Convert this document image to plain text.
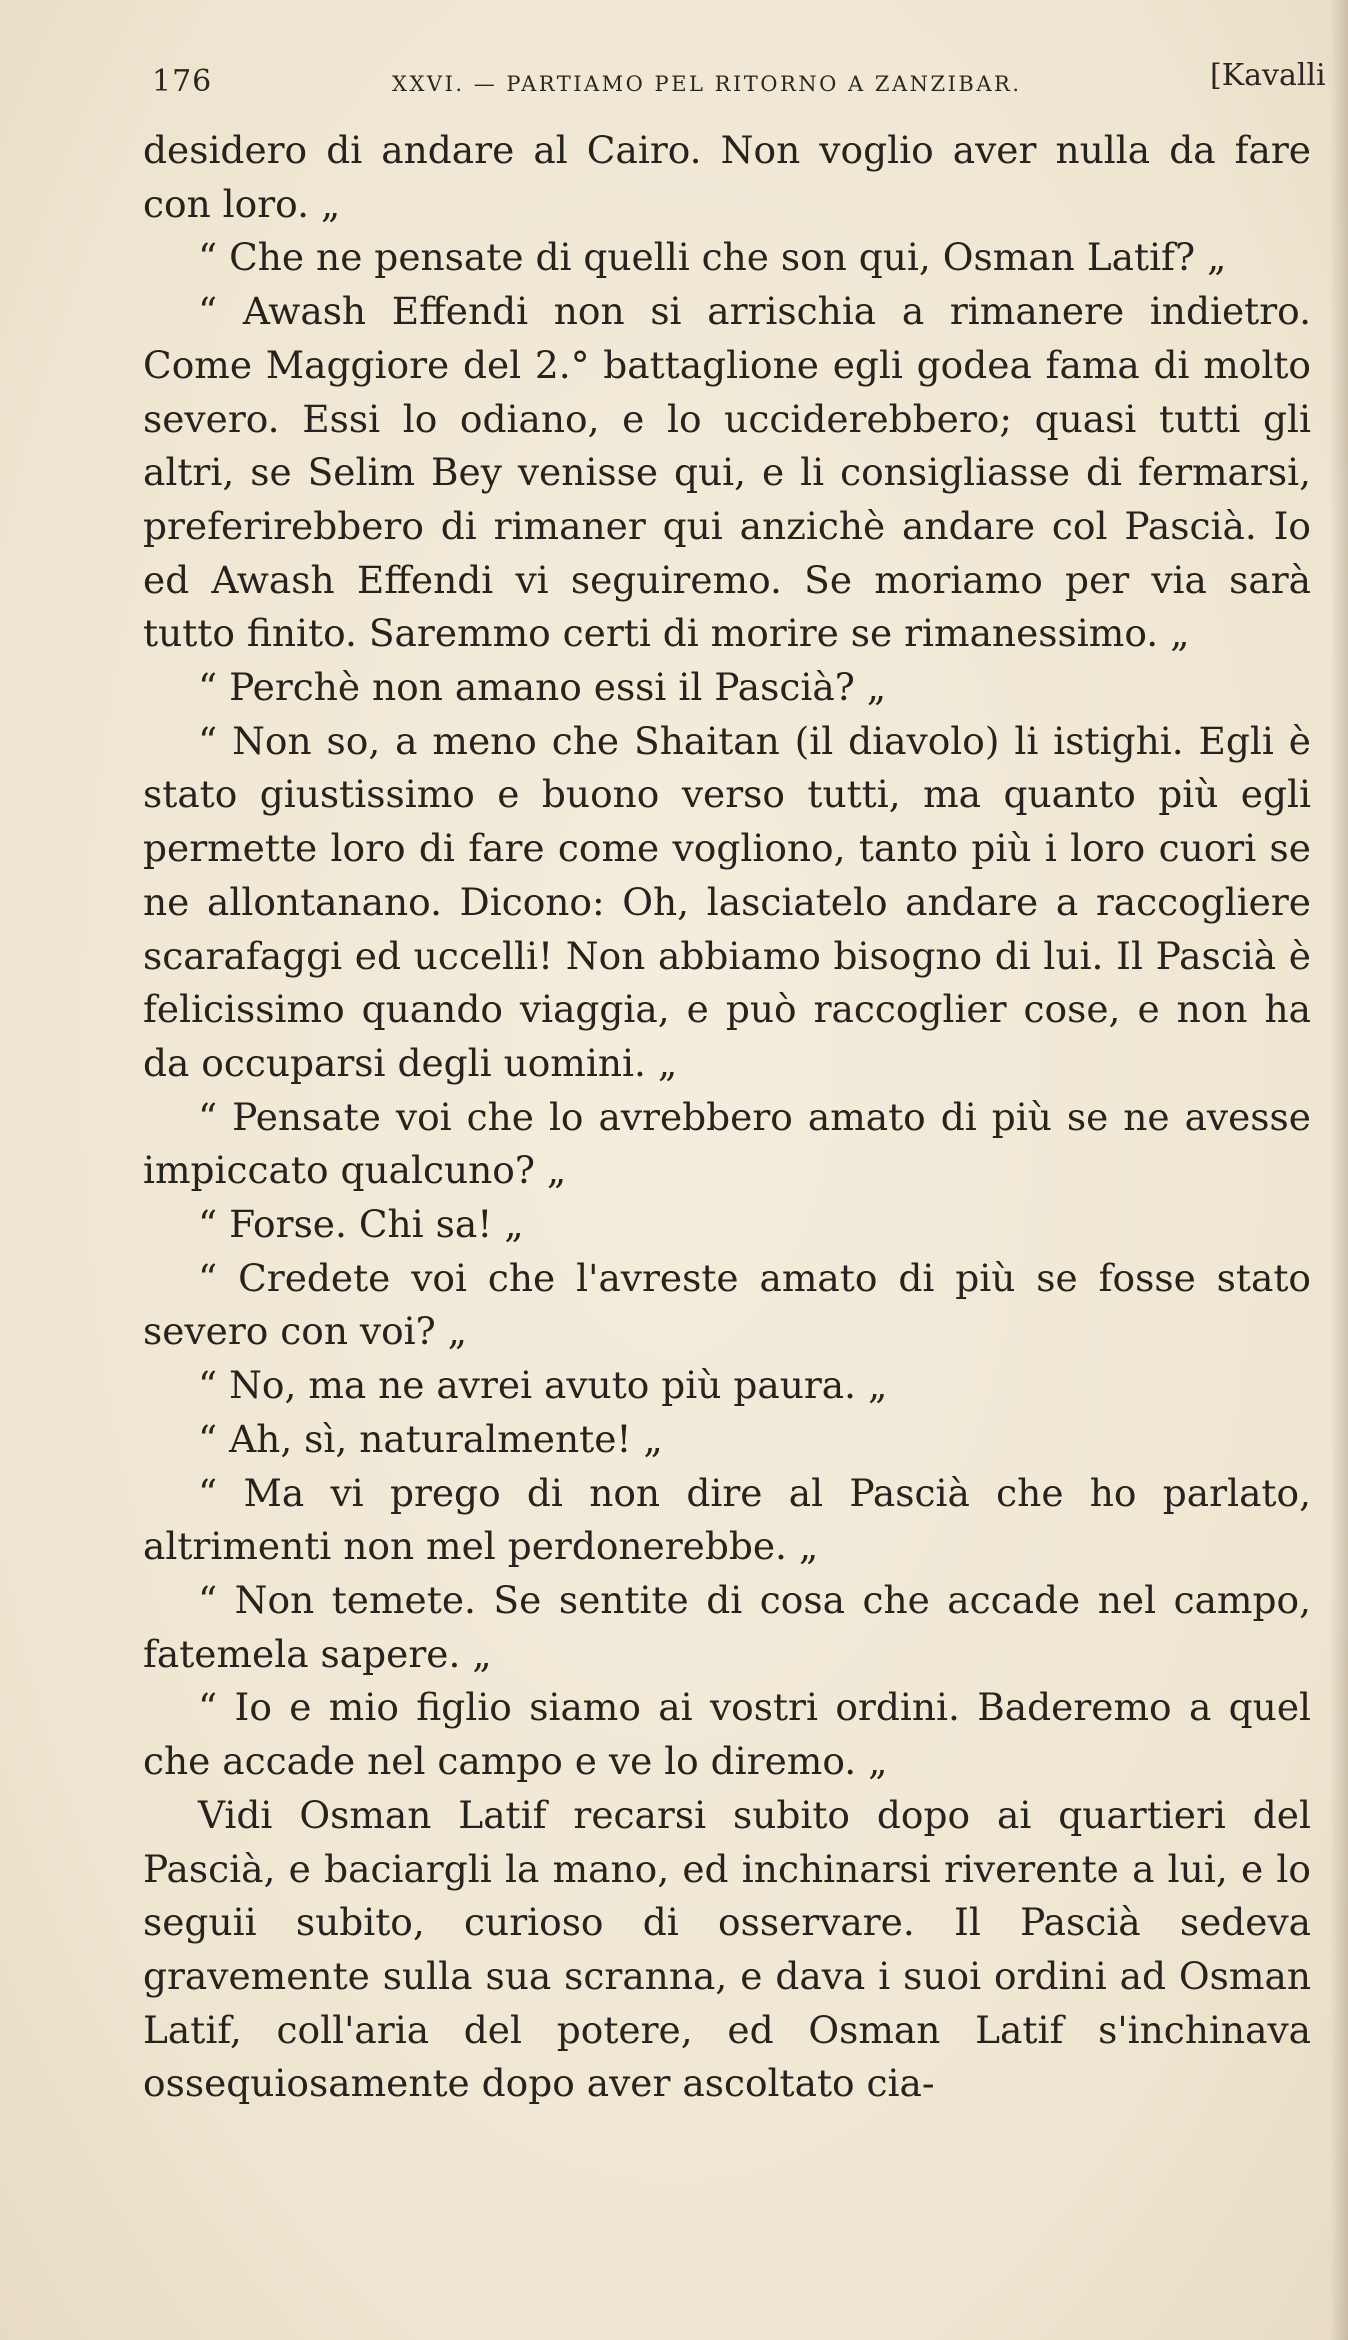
176	XXVI. — PARTIAMO PEL RITORNO A ZANZIBAR.	[Kavalli

desidero di andare al Cairo. Non voglio aver nulla da fare con loro. „

“ Che ne pensate di quelli che son qui, Osman Latif? „

“ Awash Effendi non si arrischia a rimanere indietro. Come Maggiore del 2.° battaglione egli godea fama di molto severo. Essi lo odiano, e lo ucciderebbero; quasi tutti gli altri, se Selim Bey venisse qui, e li consigliasse di fermarsi, preferirebbero di rimaner qui anzichè andare col Pascià. Io ed Awash Effendi vi seguiremo. Se moriamo per via sarà tutto finito. Saremmo certi di morire se rimanessimo. „

“ Perchè non amano essi il Pascià? „

“ Non so, a meno che Shaitan (il diavolo) li istighi. Egli è stato giustissimo e buono verso tutti, ma quanto più egli permette loro di fare come vogliono, tanto più i loro cuori se ne allontanano. Dicono: Oh, lasciatelo andare a raccogliere scarafaggi ed uccelli! Non abbiamo bisogno di lui. Il Pascià è felicissimo quando viaggia, e può raccoglier cose, e non ha da occuparsi degli uomini. „

“ Pensate voi che lo avrebbero amato di più se ne avesse impiccato qualcuno? „

“ Forse. Chi sa! „

“ Credete voi che l'avreste amato di più se fosse stato severo con voi? „

“ No, ma ne avrei avuto più paura. „

“ Ah, sì, naturalmente! „

“ Ma vi prego di non dire al Pascià che ho parlato, altrimenti non mel perdonerebbe. „

“ Non temete. Se sentite di cosa che accade nel campo, fatemela sapere. „

“ Io e mio figlio siamo ai vostri ordini. Baderemo a quel che accade nel campo e ve lo diremo. „

Vidi Osman Latif recarsi subito dopo ai quartieri del Pascià, e baciargli la mano, ed inchinarsi riverente a lui, e lo seguii subito, curioso di osservare. Il Pascià sedeva gravemente sulla sua scranna, e dava i suoi ordini ad Osman Latif, coll'aria del potere, ed Osman Latif s'inchinava ossequiosamente dopo aver ascoltato cia-
